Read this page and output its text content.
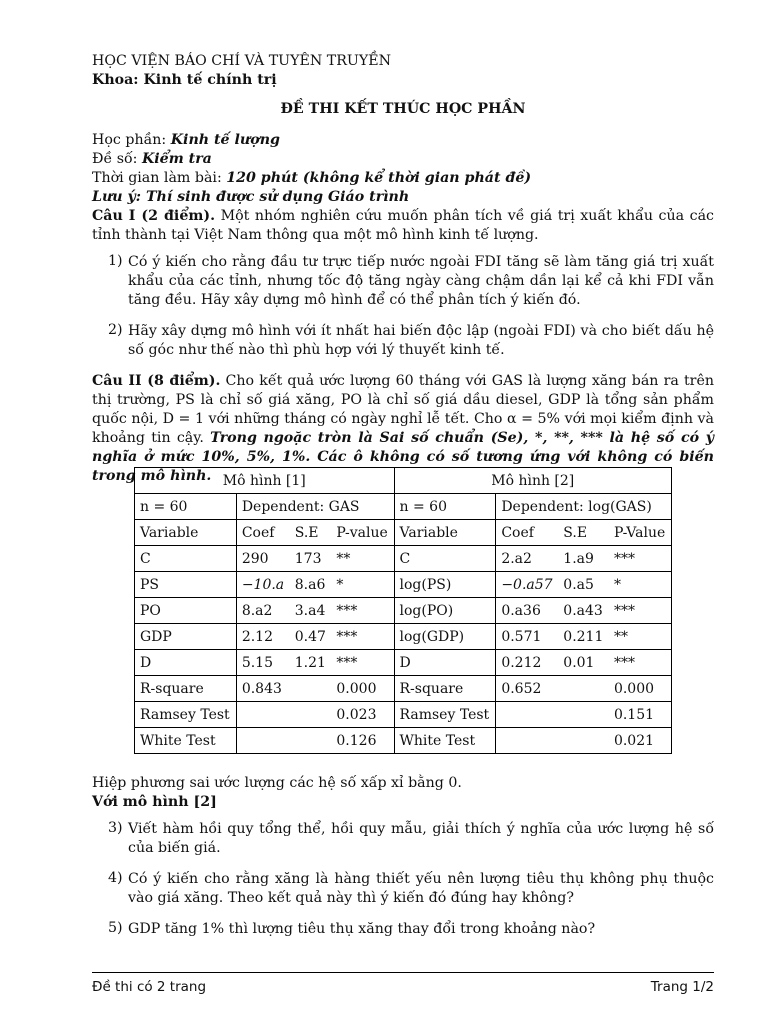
HỌC VIỆN BÁO CHÍ VÀ TUYÊN TRUYỀN
Khoa: Kinh tế chính trị
ĐỀ THI KẾT THÚC HỌC PHẦN
Học phần: Kinh tế lượng
Đề số: Kiểm tra
Thời gian làm bài: 120 phút (không kể thời gian phát đề)
Lưu ý: Thí sinh được sử dụng Giáo trình
Câu I (2 điểm). Một nhóm nghiên cứu muốn phân tích về giá trị xuất khẩu của các tỉnh thành tại Việt Nam thông qua một mô hình kinh tế lượng.
1) Có ý kiến cho rằng đầu tư trực tiếp nước ngoài FDI tăng sẽ làm tăng giá trị xuất khẩu của các tỉnh, nhưng tốc độ tăng ngày càng chậm dần lại kể cả khi FDI vẫn tăng đều. Hãy xây dựng mô hình để có thể phân tích ý kiến đó.
2) Hãy xây dựng mô hình với ít nhất hai biến độc lập (ngoài FDI) và cho biết dấu hệ số góc như thế nào thì phù hợp với lý thuyết kinh tế.
Câu II (8 điểm). Cho kết quả ước lượng 60 tháng với GAS là lượng xăng bán ra trên thị trường, PS là chỉ số giá xăng, PO là chỉ số giá dầu diesel, GDP là tổng sản phẩm quốc nội, D = 1 với những tháng có ngày nghỉ lễ tết. Cho α = 5% với mọi kiểm định và khoảng tin cậy. Trong ngoặc tròn là Sai số chuẩn (Se), *, **, *** là hệ số có ý nghĩa ở mức 10%, 5%, 1%. Các ô không có số tương ứng với không có biến trong mô hình. Mô hình [1]				Mô hình [2]			
n = 60	Dependent: GAS			n = 60	Dependent: log(GAS)		
Variable	Coef	S.E	P-value	Variable	Coef	S.E	P-Value
C	290	173	**	C	2.a2	1.a9	***
PS	−10.a	8.a6	*	log(PS)	−0.a57	0.a5	*
PO	8.a2	3.a4	***	log(PO)	0.a36	0.a43	***
GDP	2.12	0.47	***	log(GDP)	0.571	0.211	**
D	5.15	1.21	***	D	0.212	0.01	***
R-square	0.843		0.000	R-square	0.652		0.000
Ramsey Test			0.023	Ramsey Test			0.151
White Test			0.126	White Test			0.021
Hiệp phương sai ước lượng các hệ số xấp xỉ bằng 0.
Với mô hình [2]
3) Viết hàm hồi quy tổng thể, hồi quy mẫu, giải thích ý nghĩa của ước lượng hệ số của biến giá.
4) Có ý kiến cho rằng xăng là hàng thiết yếu nên lượng tiêu thụ không phụ thuộc vào giá xăng. Theo kết quả này thì ý kiến đó đúng hay không?
5) GDP tăng 1% thì lượng tiêu thụ xăng thay đổi trong khoảng nào?
Đề thi có 2 trang	Trang 1/2
